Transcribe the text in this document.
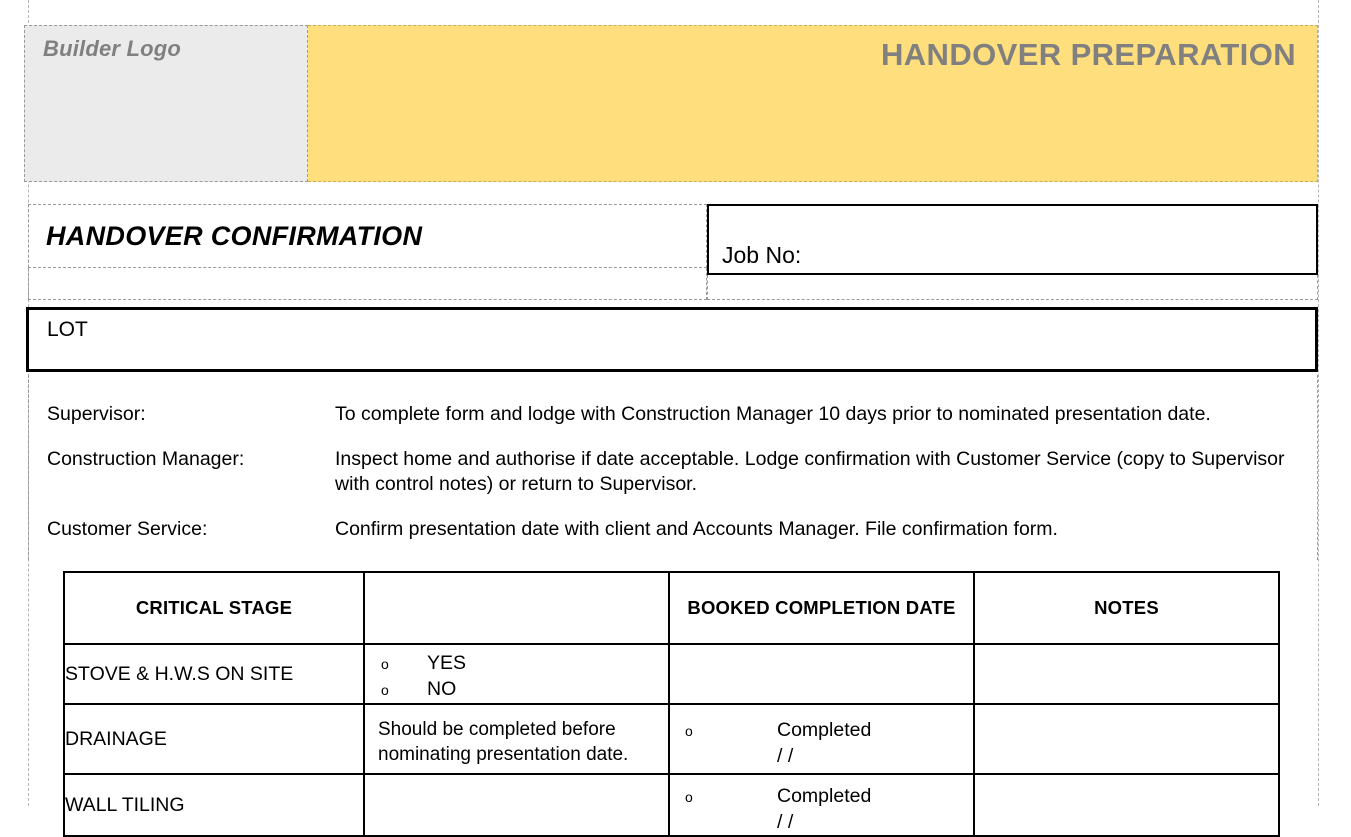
Builder Logo	HANDOVER PREPARATION
HANDOVER CONFIRMATION
Job No:
LOT
Supervisor:	To complete form and lodge with Construction Manager 10 days prior to nominated presentation date.
Construction Manager:	Inspect home and authorise if date acceptable. Lodge confirmation with Customer Service (copy to Supervisor with control notes) or return to Supervisor.
Customer Service:	Confirm presentation date with client and Accounts Manager. File confirmation form.
CRITICAL STAGE		BOOKED COMPLETION DATE	NOTES
STOVE & H.W.S ON SITE	o YES
o NO		

DRAINAGE	Should be completed before nominating presentation date.	o Completed
/ /	

WALL TILING		o Completed
/ /	
